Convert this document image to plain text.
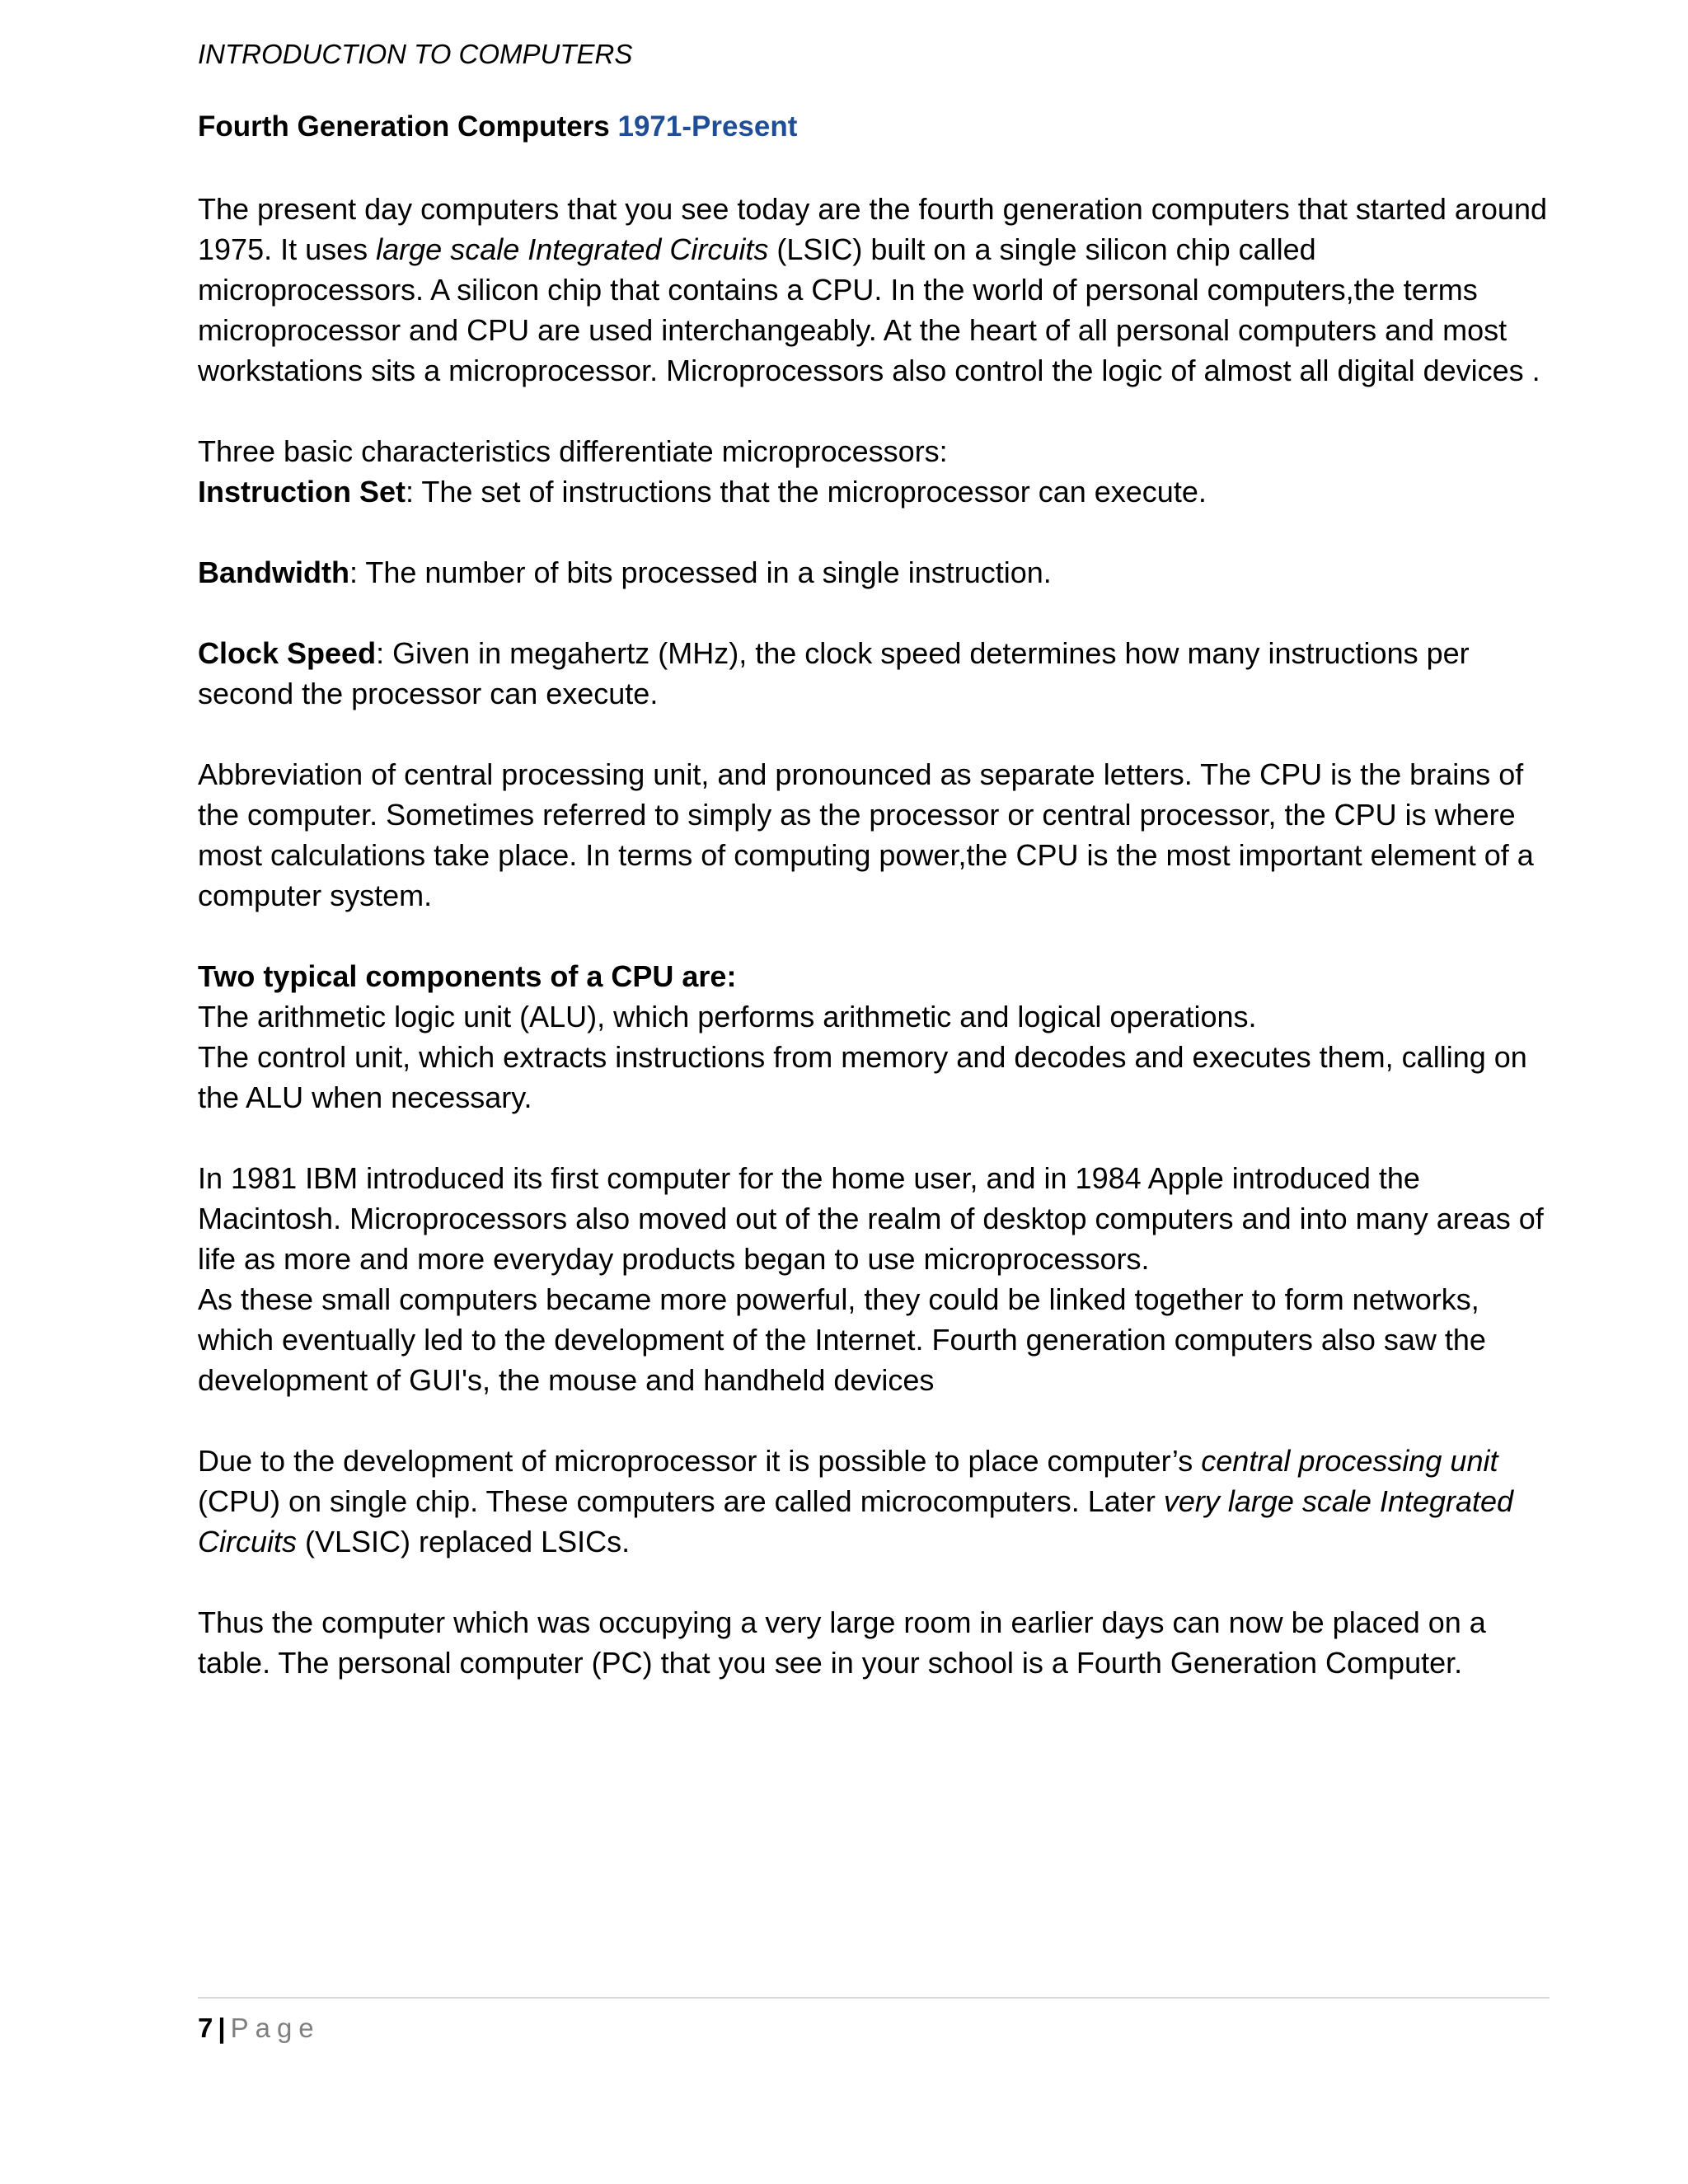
INTRODUCTION TO COMPUTERS
Fourth Generation Computers 1971-Present

The present day computers that you see today are the fourth generation computers that started around 1975. It uses large scale Integrated Circuits (LSIC) built on a single silicon chip called microprocessors. A silicon chip that contains a CPU. In the world of personal computers,the terms microprocessor and CPU are used interchangeably. At the heart of all personal computers and most workstations sits a microprocessor. Microprocessors also control the logic of almost all digital devices .

Three basic characteristics differentiate microprocessors:

Instruction Set: The set of instructions that the microprocessor can execute.

Bandwidth: The number of bits processed in a single instruction.

Clock Speed: Given in megahertz (MHz), the clock speed determines how many instructions per second the processor can execute.

Abbreviation of central processing unit, and pronounced as separate letters. The CPU is the brains of the computer. Sometimes referred to simply as the processor or central processor, the CPU is where most calculations take place. In terms of computing power,the CPU is the most important element of a computer system.

Two typical components of a CPU are:

The arithmetic logic unit (ALU), which performs arithmetic and logical operations.

The control unit, which extracts instructions from memory and decodes and executes them, calling on the ALU when necessary.

In 1981 IBM introduced its first computer for the home user, and in 1984 Apple introduced the Macintosh. Microprocessors also moved out of the realm of desktop computers and into many areas of life as more and more everyday products began to use microprocessors.

As these small computers became more powerful, they could be linked together to form networks, which eventually led to the development of the Internet. Fourth generation computers also saw the development of GUI's, the mouse and handheld devices

Due to the development of microprocessor it is possible to place computer’s central processing unit (CPU) on single chip. These computers are called microcomputers. Later very large scale Integrated Circuits (VLSIC) replaced LSICs.

Thus the computer which was occupying a very large room in earlier days can now be placed on a table. The personal computer (PC) that you see in your school is a Fourth Generation Computer.

7 | Page
